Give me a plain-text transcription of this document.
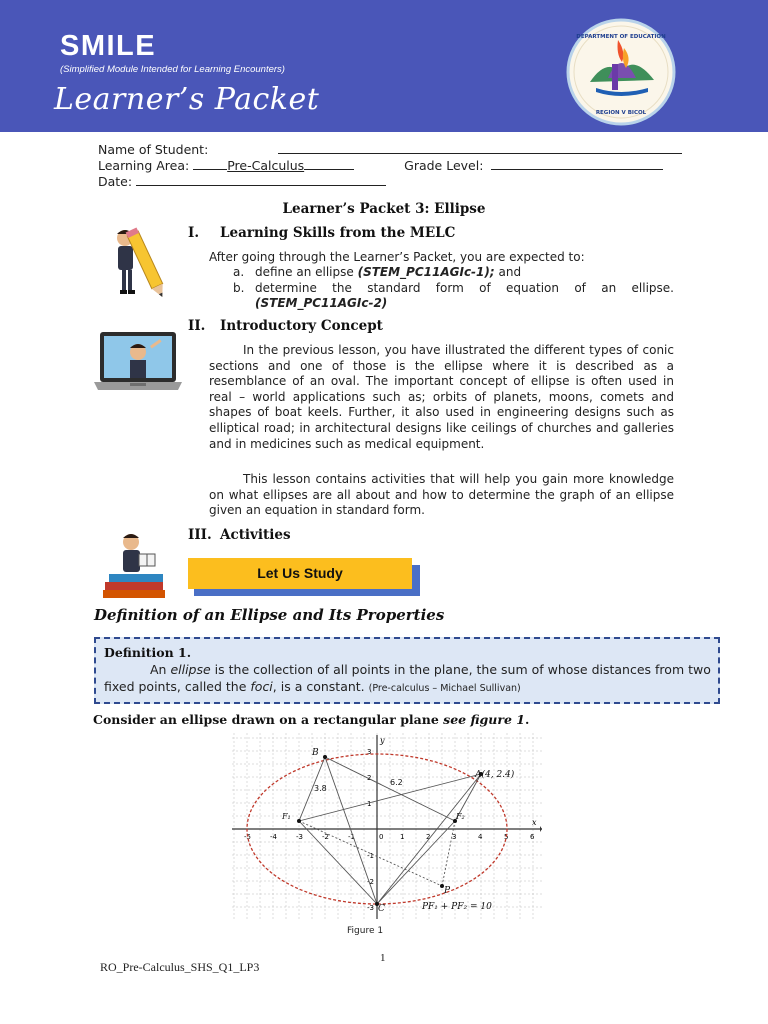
SMILE
(Simplified Module Intended for Learning Encounters)
Learner’s Packet
DEPARTMENT OF EDUCATION
REGION V BICOL
Name of Student:
Learning Area:	Pre-Calculus	Grade Level:
Date:
Learner’s Packet 3: Ellipse
I. Learning Skills from the MELC
After going through the Learner’s Packet, you are expected to:
a. define an ellipse (STEM_PC11AGIc-1); and
b. determine the standard form of equation of an ellipse.
(STEM_PC11AGIc-2)
II. Introductory Concept
In the previous lesson, you have illustrated the different types of conic sections and one of those is the ellipse where it is described as a resemblance of an oval. The important concept of ellipse is often used in real – world applications such as; orbits of planets, moons, comets and shapes of boat keels. Further, it also used in engineering designs such as elliptical road; in architectural designs like ceilings of churches and galleries and in medicines such as medical equipment.
This lesson contains activities that will help you gain more knowledge on what ellipses are all about and how to determine the graph of an ellipse given an equation in standard form.
III. Activities
Let Us Study
Definition of an Ellipse and Its Properties
Definition 1.
An ellipse is the collection of all points in the plane, the sum of whose distances from two fixed points, called the foci, is a constant. (Pre-calculus – Michael Sullivan)
Consider an ellipse drawn on a rectangular plane see figure 1.
x
y
-5	-4	-3	-2	-1	1	2	3	4	5	6
0
-3
-2
-1
1
2
3
B
A(4, 2.4)
C
P
F₁	F₂
PF₁ + PF₂ = 10
6.2
3.8
Figure 1
1
RO_Pre-Calculus_SHS_Q1_LP3
